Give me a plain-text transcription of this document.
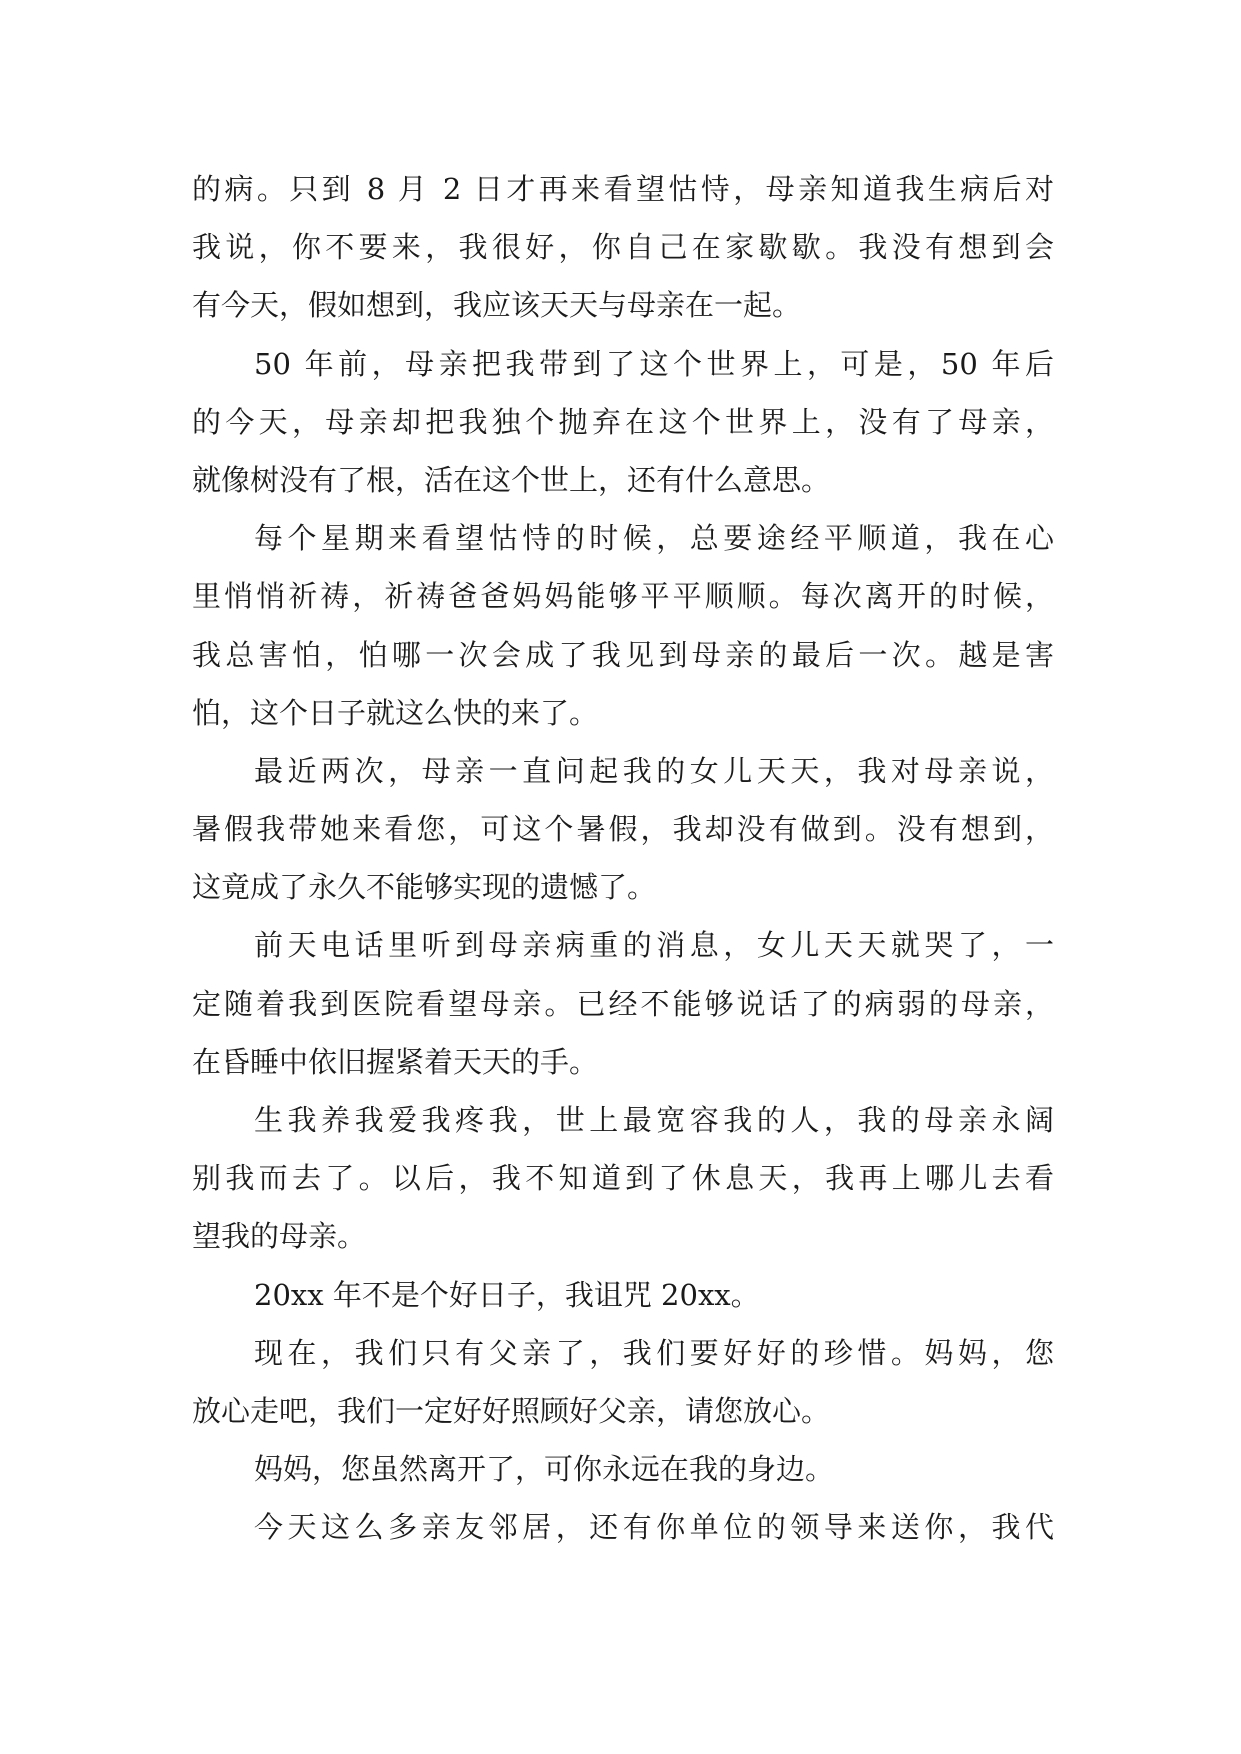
的病。只到 8 月 2 日才再来看望怙恃，母亲知道我生病后对
我说，你不要来，我很好，你自己在家歇歇。我没有想到会
有今天，假如想到，我应该天天与母亲在一起。
50 年前，母亲把我带到了这个世界上，可是，50 年后
的今天，母亲却把我独个抛弃在这个世界上，没有了母亲，
就像树没有了根，活在这个世上，还有什么意思。
每个星期来看望怙恃的时候，总要途经平顺道，我在心
里悄悄祈祷，祈祷爸爸妈妈能够平平顺顺。每次离开的时候，
我总害怕，怕哪一次会成了我见到母亲的最后一次。越是害
怕，这个日子就这么快的来了。
最近两次，母亲一直问起我的女儿天天，我对母亲说，
暑假我带她来看您，可这个暑假，我却没有做到。没有想到，
这竟成了永久不能够实现的遗憾了。
前天电话里听到母亲病重的消息，女儿天天就哭了，一
定随着我到医院看望母亲。已经不能够说话了的病弱的母亲，
在昏睡中依旧握紧着天天的手。
生我养我爱我疼我，世上最宽容我的人，我的母亲永阔
别我而去了。以后，我不知道到了休息天，我再上哪儿去看
望我的母亲。
20xx 年不是个好日子，我诅咒 20xx。
现在，我们只有父亲了，我们要好好的珍惜。妈妈，您
放心走吧，我们一定好好照顾好父亲，请您放心。
妈妈，您虽然离开了，可你永远在我的身边。
今天这么多亲友邻居，还有你单位的领导来送你，我代
